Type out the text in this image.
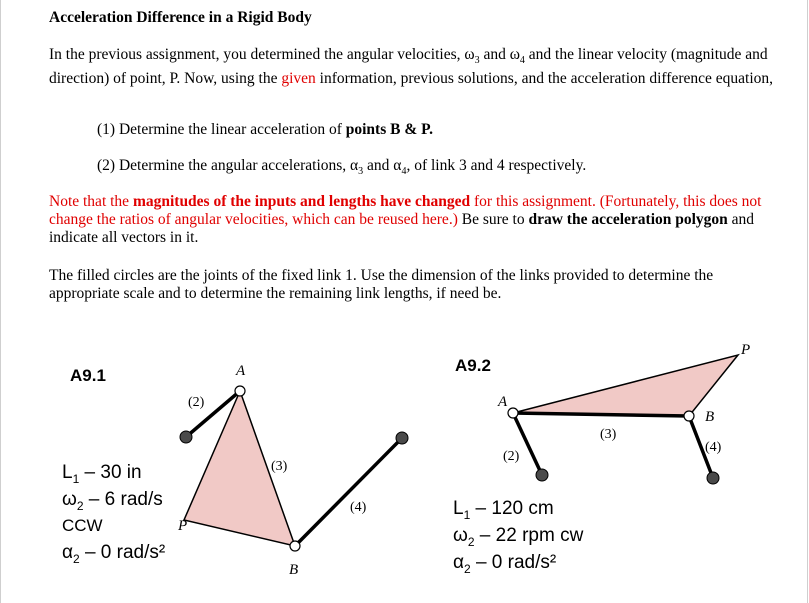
Acceleration Difference in a Rigid Body
In the previous assignment, you determined the angular velocities, $\omega_3$ and $\omega_4$ and the linear velocity (magnitude and direction) of point, P. Now, using the given information, previous solutions, and the acceleration difference equation,
(1) Determine the linear acceleration of points B & P.
(2) Determine the angular accelerations, $\alpha_3$ and $\alpha_4$, of link 3 and 4 respectively.
Note that the magnitudes of the inputs and lengths have changed for this assignment. (Fortunately, this does not change the ratios of angular velocities, which can be reused here.) Be sure to draw the acceleration polygon and indicate all vectors in it.
The filled circles are the joints of the fixed link 1. Use the dimension of the links provided to determine the appropriate scale and to determine the remaining link lengths, if need be.
A9.1	A
B
P
(2)
(3)
(4)
$L_1 - 30$ in
$\omega_2 - 6$ rad/s
CCW
$\alpha_2 - 0$ rad/s²
A9.2
A
B
P
(2)
(3)
(4)
$L_1 - 120$ cm
$\omega_2 - 22$ rpm cw
$\alpha_2 - 0$ rad/s²
